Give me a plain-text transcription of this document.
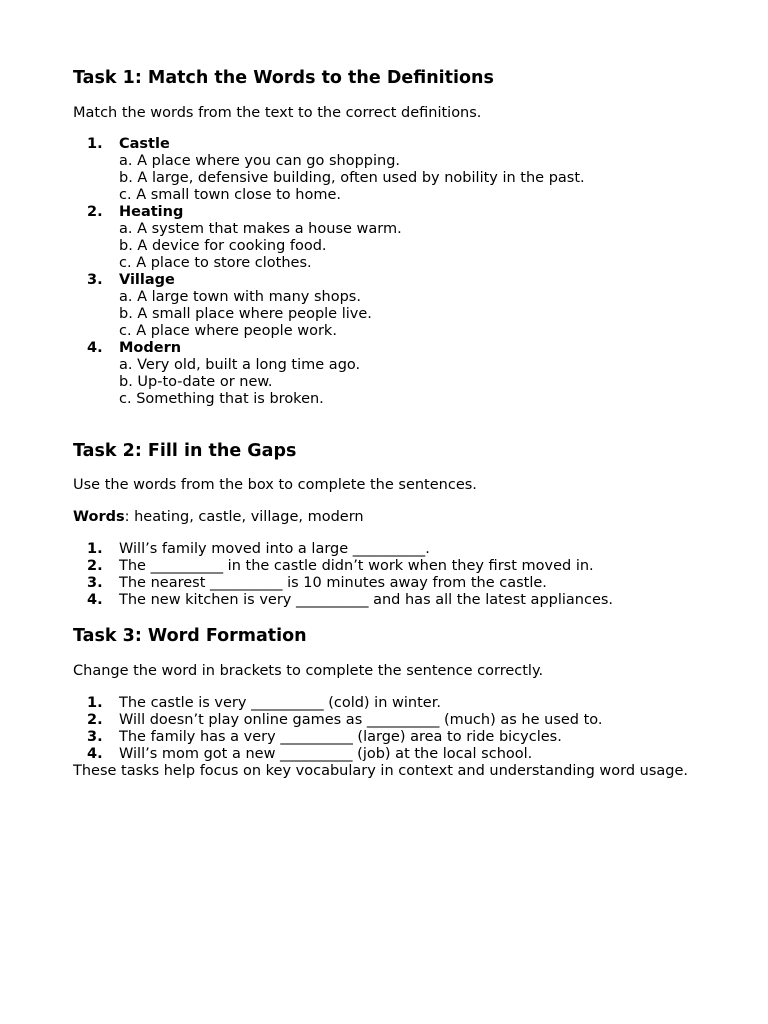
Task 1: Match the Words to the Definitions

Match the words from the text to the correct definitions.

1. Castle
a. A place where you can go shopping.
b. A large, defensive building, often used by nobility in the past.
c. A small town close to home.
2. Heating
a. A system that makes a house warm.
b. A device for cooking food.
c. A place to store clothes.
3. Village
a. A large town with many shops.
b. A small place where people live.
c. A place where people work.
4. Modern
a. Very old, built a long time ago.
b. Up-to-date or new.
c. Something that is broken.
Task 2: Fill in the Gaps

Use the words from the box to complete the sentences.

Words: heating, castle, village, modern

1. Will’s family moved into a large __________.
2. The __________ in the castle didn’t work when they first moved in.
3. The nearest __________ is 10 minutes away from the castle.
4. The new kitchen is very __________ and has all the latest appliances.
Task 3: Word Formation

Change the word in brackets to complete the sentence correctly.

1. The castle is very __________ (cold) in winter.
2. Will doesn’t play online games as __________ (much) as he used to.
3. The family has a very __________ (large) area to ride bicycles.
4. Will’s mom got a new __________ (job) at the local school.

These tasks help focus on key vocabulary in context and understanding word usage.
